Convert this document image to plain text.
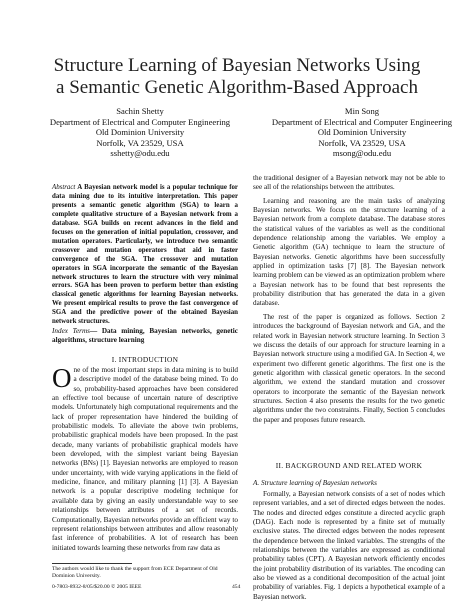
Structure Learning of Bayesian Networks Using
a Semantic Genetic Algorithm-Based Approach
Sachin Shetty
Department of Electrical and Computer Engineering
Old Dominion University
Norfolk, VA 23529, USA
sshetty@odu.edu
Min Song
Department of Electrical and Computer Engineering
Old Dominion University
Norfolk, VA 23529, USA
msong@odu.edu
Abstract A Bayesian network model is a popular technique for data mining due to its intuitive interpretation. This paper presents a semantic genetic algorithm (SGA) to learn a complete qualitative structure of a Bayesian network from a database. SGA builds on recent advances in the field and focuses on the generation of initial population, crossover, and mutation operators. Particularly, we introduce two semantic crossover and mutation operators that aid in faster convergence of the SGA. The crossover and mutation operators in SGA incorporate the semantic of the Bayesian network structures to learn the structure with very minimal errors. SGA has been proven to perform better than existing classical genetic algorithms for learning Bayesian networks. We present empirical results to prove the fast convergence of SGA and the predictive power of the obtained Bayesian network structures.
Index Terms— Data mining, Bayesian networks, genetic algorithms, structure learning
I. INTRODUCTION
One of the most important steps in data mining is to build a descriptive model of the database being mined. To do so, probability-based approaches have been considered an effective tool because of uncertain nature of descriptive models. Unfortunately high computational requirements and the lack of proper representation have hindered the building of probabilistic models. To alleviate the above twin problems, probabilistic graphical models have been proposed. In the past decade, many variants of probabilistic graphical models have been developed, with the simplest variant being Bayesian networks (BNs) [1]. Bayesian networks are employed to reason under uncertainty, with wide varying applications in the field of medicine, finance, and military planning [1] [3]. A Bayesian network is a popular descriptive modeling technique for available data by giving an easily understandable way to see relationships between attributes of a set of records. Computationally, Bayesian networks provide an efficient way to represent relationships between attributes and allow reasonably fast inference of probabilities. A lot of research has been initiated towards learning these networks from raw data as

the traditional designer of a Bayesian network may not be able to see all of the relationships between the attributes.

Learning and reasoning are the main tasks of analyzing Bayesian networks. We focus on the structure learning of a Bayesian network from a complete database. The database stores the statistical values of the variables as well as the conditional dependence relationship among the variables. We employ a Genetic algorithm (GA) technique to learn the structure of Bayesian networks. Genetic algorithms have been successfully applied in optimization tasks [7] [8]. The Bayesian network learning problem can be viewed as an optimization problem where a Bayesian network has to be found that best represents the probability distribution that has generated the data in a given database.

The rest of the paper is organized as follows. Section 2 introduces the background of Bayesian network and GA, and the related work in Bayesian network structure learning. In Section 3 we discuss the details of our approach for structure learning in a Bayesian network structure using a modified GA. In Section 4, we experiment two different genetic algorithms. The first one is the genetic algorithm with classical genetic operators. In the second algorithm, we extend the standard mutation and crossover operators to incorporate the semantic of the Bayesian network structures. Section 4 also presents the results for the two genetic algorithms under the two constraints. Finally, Section 5 concludes the paper and proposes future research.

II. BACKGROUND AND RELATED WORK
A. Structure learning of Bayesian networks
Formally, a Bayesian network consists of a set of nodes which represent variables, and a set of directed edges between the nodes. The nodes and directed edges constitute a directed acyclic graph (DAG). Each node is represented by a finite set of mutually exclusive states. The directed edges between the nodes represent the dependence between the linked variables. The strengths of the relationships between the variables are expressed as conditional probability tables (CPT). A Bayesian network efficiently encodes the joint probability distribution of its variables. The encoding can also be viewed as a conditional decomposition of the actual joint probability of variables. Fig. 1 depicts a hypothetical example of a Bayesian network.
The authors would like to thank the support from ECE Department of Old Dominion University.
0-7803-8932-8/05/$20.00 © 2005 IEEE	454
